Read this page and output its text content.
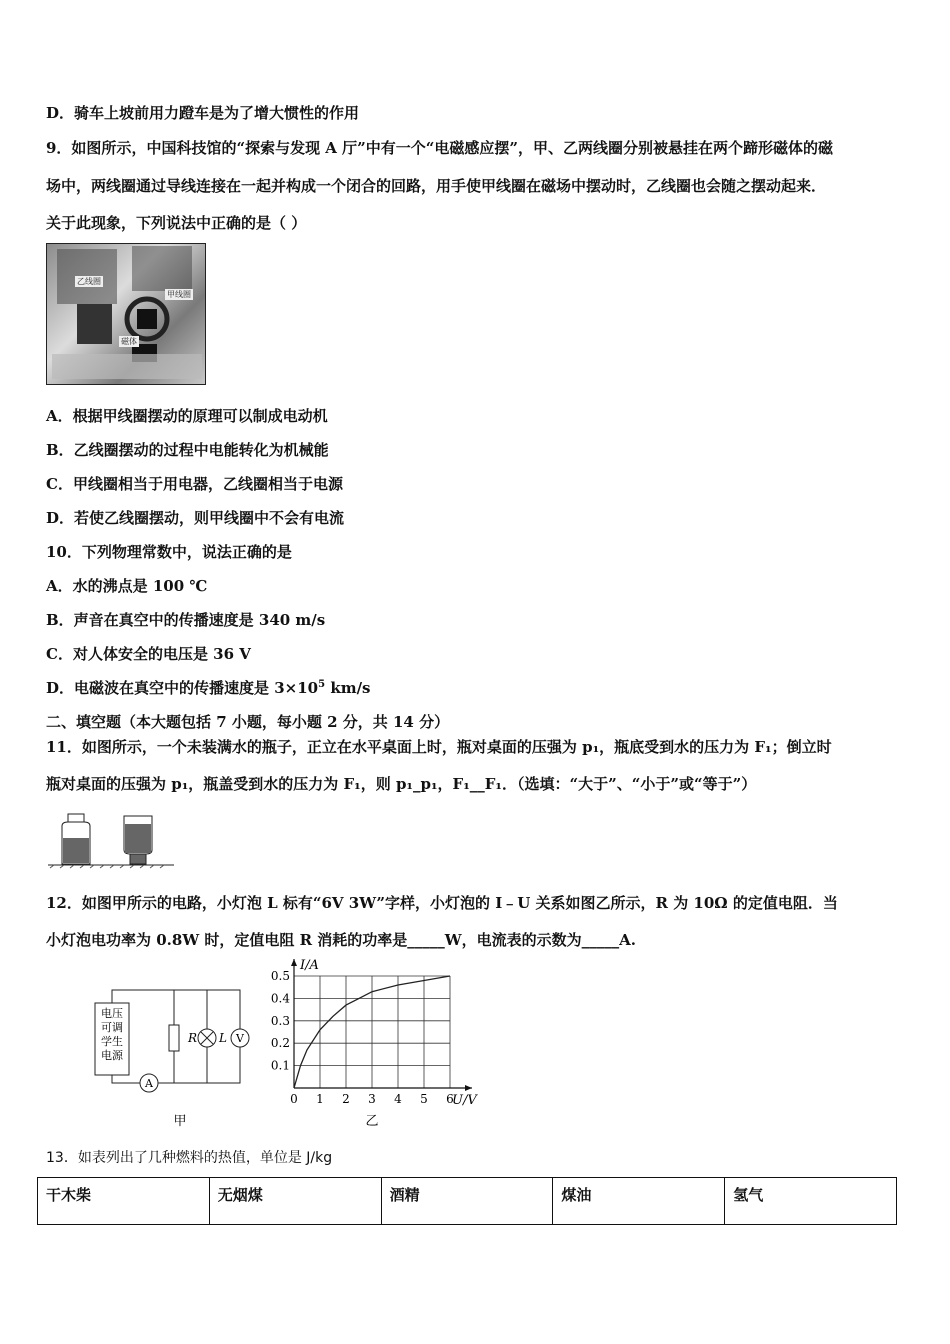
D．骑车上坡前用力蹬车是为了增大惯性的作用
9．如图所示，中国科技馆的“探索与发现 A 厅”中有一个“电磁感应摆”，甲、乙两线圈分别被悬挂在两个蹄形磁体的磁
场中，两线圈通过导线连接在一起并构成一个闭合的回路，用手使甲线圈在磁场中摆动时，乙线圈也会随之摆动起来．
关于此现象，下列说法中正确的是（ ）
乙线圈
甲线圈
磁体
A．根据甲线圈摆动的原理可以制成电动机
B．乙线圈摆动的过程中电能转化为机械能
C．甲线圈相当于用电器，乙线圈相当于电源
D．若使乙线圈摆动，则甲线圈中不会有电流
10．下列物理常数中，说法正确的是
A．水的沸点是 100 ℃
B．声音在真空中的传播速度是 340 m/s
C．对人体安全的电压是 36 V
D．电磁波在真空中的传播速度是 $3\times 10^5$ km/s
二、填空题（本大题包括 7 小题，每小题 2 分，共 14 分）
11．如图所示，一个未装满水的瓶子，正立在水平桌面上时，瓶对桌面的压强为 p₁，瓶底受到水的压力为 F₁；倒立时
瓶对桌面的压强为 p₁，瓶盖受到水的压力为 F₁，则 p₁_p₁，F₁__F₁．（选填：“大于”、“小于”或“等于”）
12．如图甲所示的电路，小灯泡 L 标有“6V 3W”字样，小灯泡的 I﹣U 关系如图乙所示，R 为 10Ω 的定值电阻．当
小灯泡电功率为 0.8W 时，定值电阻 R 消耗的功率是_____W，电流表的示数为_____A.
电压
可调
学生
电源
A
R L V
甲
0 1 2 3 4 5 6
0.1
0.2
0.3
0.4
0.5
I/A
U/V
乙
13．如表列出了几种燃料的热值，单位是 J/kg
干木柴	无烟煤	酒精	煤油	氢气
